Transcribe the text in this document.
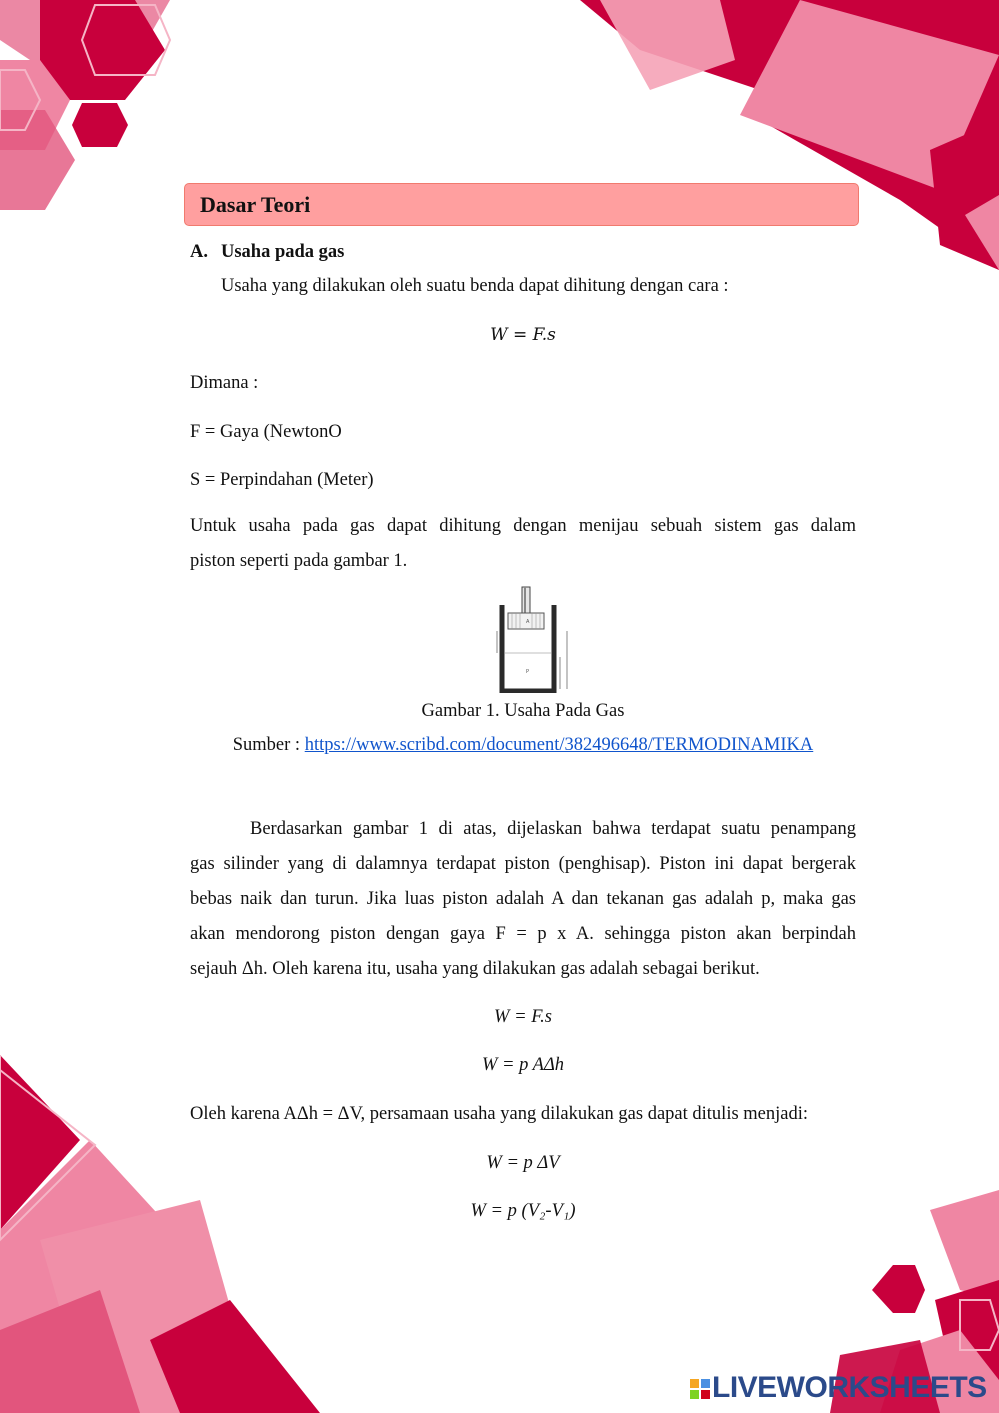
Dasar Teori
A. Usaha pada gas
Usaha yang dilakukan oleh suatu benda dapat dihitung dengan cara :
W = F.s
Dimana :
F = Gaya (NewtonO
S = Perpindahan (Meter)
Untuk usaha pada gas dapat dihitung dengan menijau sebuah sistem gas dalam
piston seperti pada gambar 1.
P
A
Gambar 1. Usaha Pada Gas
Sumber : https://www.scribd.com/document/382496648/TERMODINAMIKA
Berdasarkan gambar 1 di atas, dijelaskan bahwa terdapat suatu penampang
gas silinder yang di dalamnya terdapat piston (penghisap). Piston ini dapat bergerak
bebas naik dan turun. Jika luas piston adalah A dan tekanan gas adalah p, maka gas
akan mendorong piston dengan gaya F = p x A. sehingga piston akan berpindah
sejauh Δh. Oleh karena itu, usaha yang dilakukan gas adalah sebagai berikut.
W = F.s
W = p AΔh
Oleh karena AΔh = ΔV, persamaan usaha yang dilakukan gas dapat ditulis menjadi:
W = p ΔV
W = p (V₂-V₁)
LIVEWORKSHEETS
